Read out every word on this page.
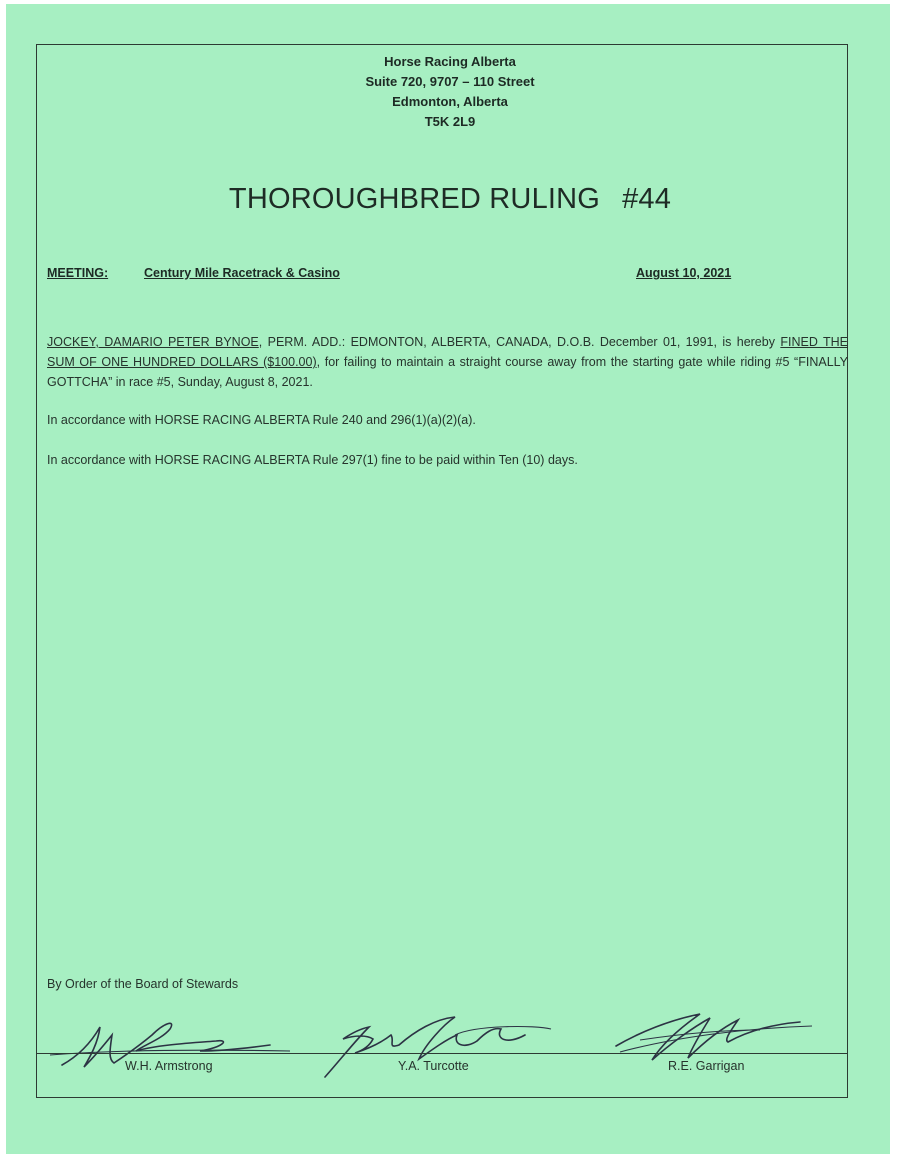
Horse Racing Alberta
Suite 720, 9707 – 110 Street
Edmonton, Alberta
T5K 2L9
THOROUGHBRED RULING #44
MEETING:	Century Mile Racetrack & Casino	August 10, 2021
JOCKEY, DAMARIO PETER BYNOE, PERM. ADD.: EDMONTON, ALBERTA, CANADA, D.O.B. December 01, 1991, is hereby FINED THE SUM OF ONE HUNDRED DOLLARS ($100.00), for failing to maintain a straight course away from the starting gate while riding #5 “FINALLY GOTTCHA” in race #5, Sunday, August 8, 2021.
In accordance with HORSE RACING ALBERTA Rule 240 and 296(1)(a)(2)(a).
In accordance with HORSE RACING ALBERTA Rule 297(1) fine to be paid within Ten (10) days.
By Order of the Board of Stewards
W.H. Armstrong	Y.A. Turcotte	R.E. Garrigan
